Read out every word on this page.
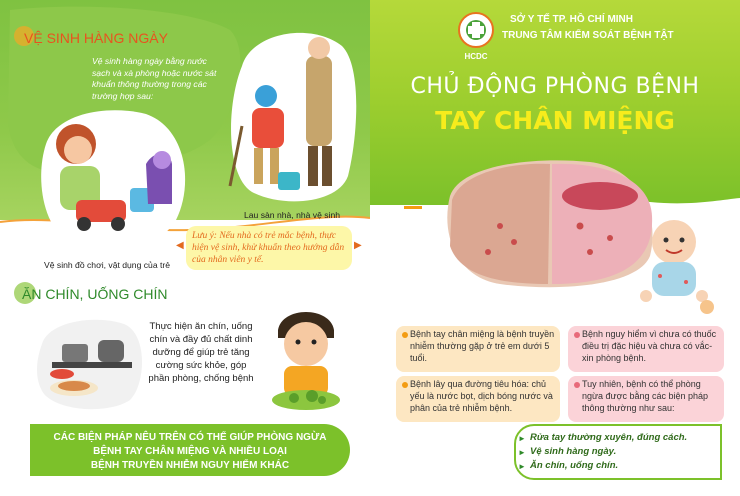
VỆ SINH HÀNG NGÀY
Vệ sinh hàng ngày bằng nước sạch và xà phòng hoặc nước sát khuẩn thông thường trong các trường hợp sau:
Lau sàn nhà, nhà vệ sinh
Vệ sinh đồ chơi, vật dụng của trẻ
◀	▶
Lưu ý: Nếu nhà có trẻ mắc bệnh, thực hiện vệ sinh, khử khuẩn theo hướng dẫn của nhân viên y tế.
ĂN CHÍN, UỐNG CHÍN
Thực hiện ăn chín, uống chín và đầy đủ chất dinh dưỡng để giúp trẻ tăng cường sức khỏe, góp phần phòng, chống bệnh
CÁC BIỆN PHÁP NÊU TRÊN CÓ THỂ GIÚP PHÒNG NGỪA
BỆNH TAY CHÂN MIỆNG VÀ NHIỀU LOẠI
BỆNH TRUYỀN NHIỄM NGUY HIỂM KHÁC
HCDC
SỞ Y TẾ TP. HỒ CHÍ MINH
TRUNG TÂM KIỂM SOÁT BỆNH TẬT
CHỦ ĐỘNG PHÒNG BỆNH
TAY CHÂN MIỆNG
Bệnh tay chân miệng là bệnh truyền nhiễm thường gặp ở trẻ em dưới 5 tuổi.
Bệnh lây qua đường tiêu hóa: chủ yếu là nước bọt, dịch bóng nước và phân của trẻ nhiễm bệnh.
Bệnh nguy hiểm vì chưa có thuốc điều trị đặc hiệu và chưa có vắc-xin phòng bệnh.
Tuy nhiên, bệnh có thể phòng ngừa được bằng các biện pháp thông thường như sau:
► Rửa tay thường xuyên, đúng cách.
► Vệ sinh hàng ngày.
► Ăn chín, uống chín.
